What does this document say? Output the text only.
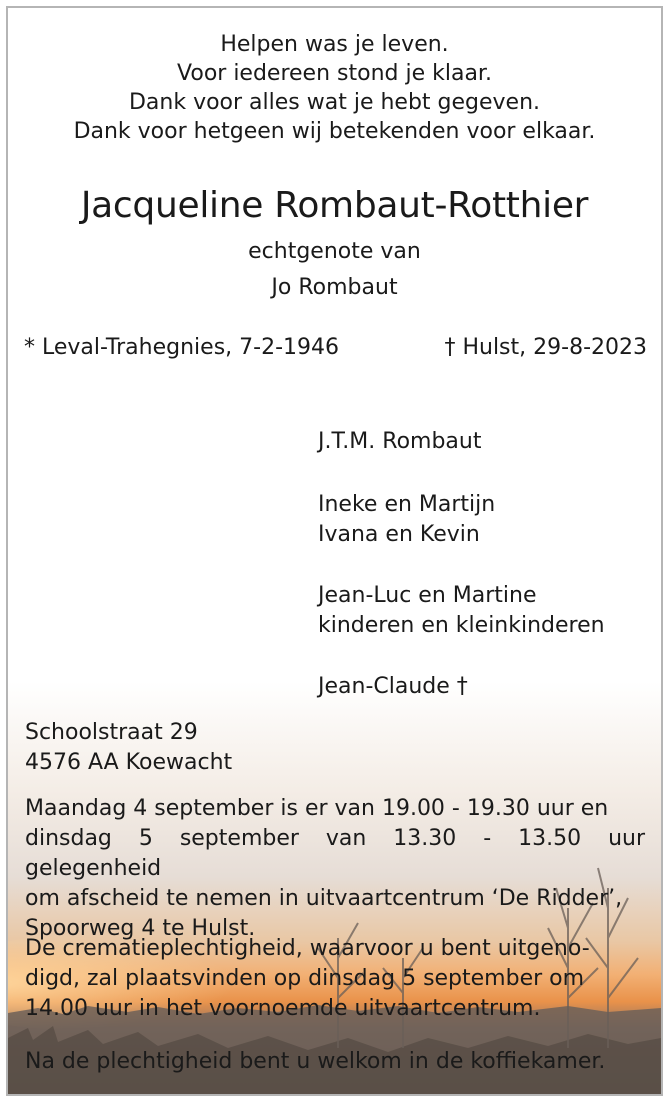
Helpen was je leven.
Voor iedereen stond je klaar.
Dank voor alles wat je hebt gegeven.
Dank voor hetgeen wij betekenden voor elkaar.
Jacqueline Rombaut-Rotthier
echtgenote van
Jo Rombaut
* Leval-Trahegnies, 7-2-1946	† Hulst, 29-8-2023
J.T.M. Rombaut
Ineke en Martijn
Ivana en Kevin
Jean-Luc en Martine
kinderen en kleinkinderen
Jean-Claude †
Schoolstraat 29
4576 AA Koewacht
Maandag 4 september is er van 19.00 - 19.30 uur en
dinsdag 5 september van 13.30 - 13.50 uur gelegenheid
om afscheid te nemen in uitvaartcentrum ‘De Ridder’,
Spoorweg 4 te Hulst.
De crematieplechtigheid, waarvoor u bent uitgeno-
digd, zal plaatsvinden op dinsdag 5 september om
14.00 uur in het voornoemde uitvaartcentrum.
Na de plechtigheid bent u welkom in de koffiekamer.
